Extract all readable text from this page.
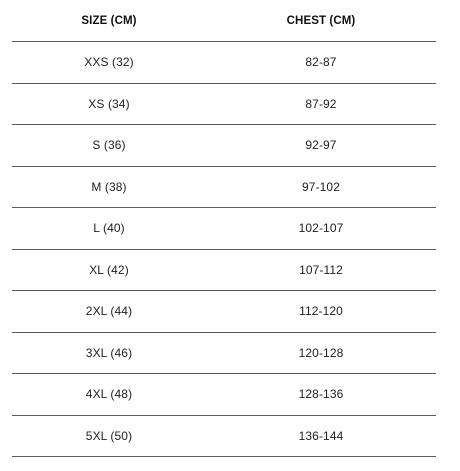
SIZE (CM)	CHEST (CM)
XXS (32)	82-87
XS (34)	87-92
S (36)	92-97
M (38)	97-102
L (40)	102-107
XL (42)	107-112
2XL (44)	112-120
3XL (46)	120-128
4XL (48)	128-136
5XL (50)	136-144
